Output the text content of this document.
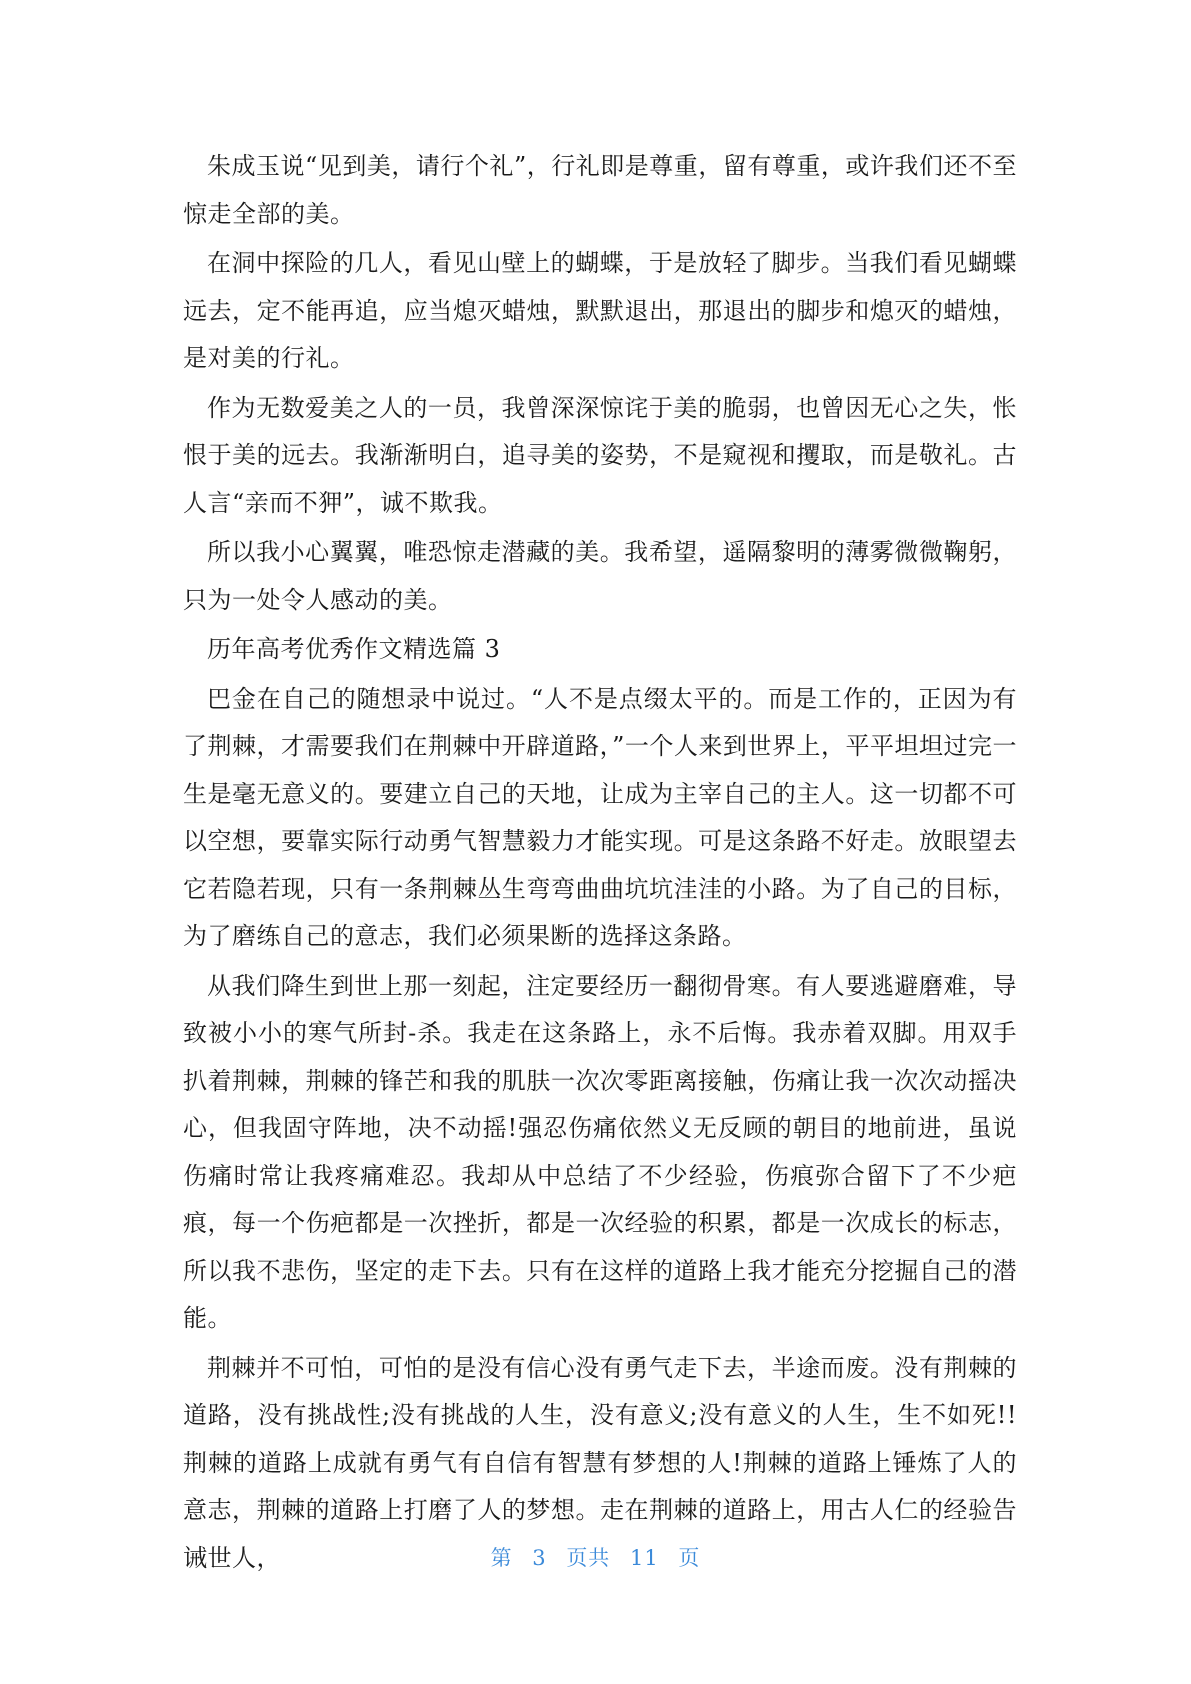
朱成玉说“见到美，请行个礼”，行礼即是尊重，留有尊重，或许我们还不至惊走全部的美。

在洞中探险的几人，看见山壁上的蝴蝶，于是放轻了脚步。当我们看见蝴蝶远去，定不能再追，应当熄灭蜡烛，默默退出，那退出的脚步和熄灭的蜡烛，是对美的行礼。

作为无数爱美之人的一员，我曾深深惊诧于美的脆弱，也曾因无心之失，怅恨于美的远去。我渐渐明白，追寻美的姿势，不是窥视和攫取，而是敬礼。古人言“亲而不狎”，诚不欺我。

所以我小心翼翼，唯恐惊走潜藏的美。我希望，遥隔黎明的薄雾微微鞠躬，只为一处令人感动的美。

历年高考优秀作文精选篇 3

巴金在自己的随想录中说过。“人不是点缀太平的。而是工作的，正因为有了荆棘，才需要我们在荆棘中开辟道路，”一个人来到世界上，平平坦坦过完一生是毫无意义的。要建立自己的天地，让成为主宰自己的主人。这一切都不可以空想，要靠实际行动勇气智慧毅力才能实现。可是这条路不好走。放眼望去它若隐若现，只有一条荆棘丛生弯弯曲曲坑坑洼洼的小路。为了自己的目标，为了磨练自己的意志，我们必须果断的选择这条路。

从我们降生到世上那一刻起，注定要经历一翻彻骨寒。有人要逃避磨难，导致被小小的寒气所封-杀。我走在这条路上，永不后悔。我赤着双脚。用双手扒着荆棘，荆棘的锋芒和我的肌肤一次次零距离接触，伤痛让我一次次动摇决心，但我固守阵地，决不动摇!强忍伤痛依然义无反顾的朝目的地前进，虽说伤痛时常让我疼痛难忍。我却从中总结了不少经验，伤痕弥合留下了不少疤痕，每一个伤疤都是一次挫折，都是一次经验的积累，都是一次成长的标志，所以我不悲伤，坚定的走下去。只有在这样的道路上我才能充分挖掘自己的潜能。

荆棘并不可怕，可怕的是没有信心没有勇气走下去，半途而废。没有荆棘的道路，没有挑战性;没有挑战的人生，没有意义;没有意义的人生，生不如死!!荆棘的道路上成就有勇气有自信有智慧有梦想的人!荆棘的道路上锤炼了人的意志，荆棘的道路上打磨了人的梦想。走在荆棘的道路上，用古人仁的经验告诫世人，	第 3 页共 11 页
